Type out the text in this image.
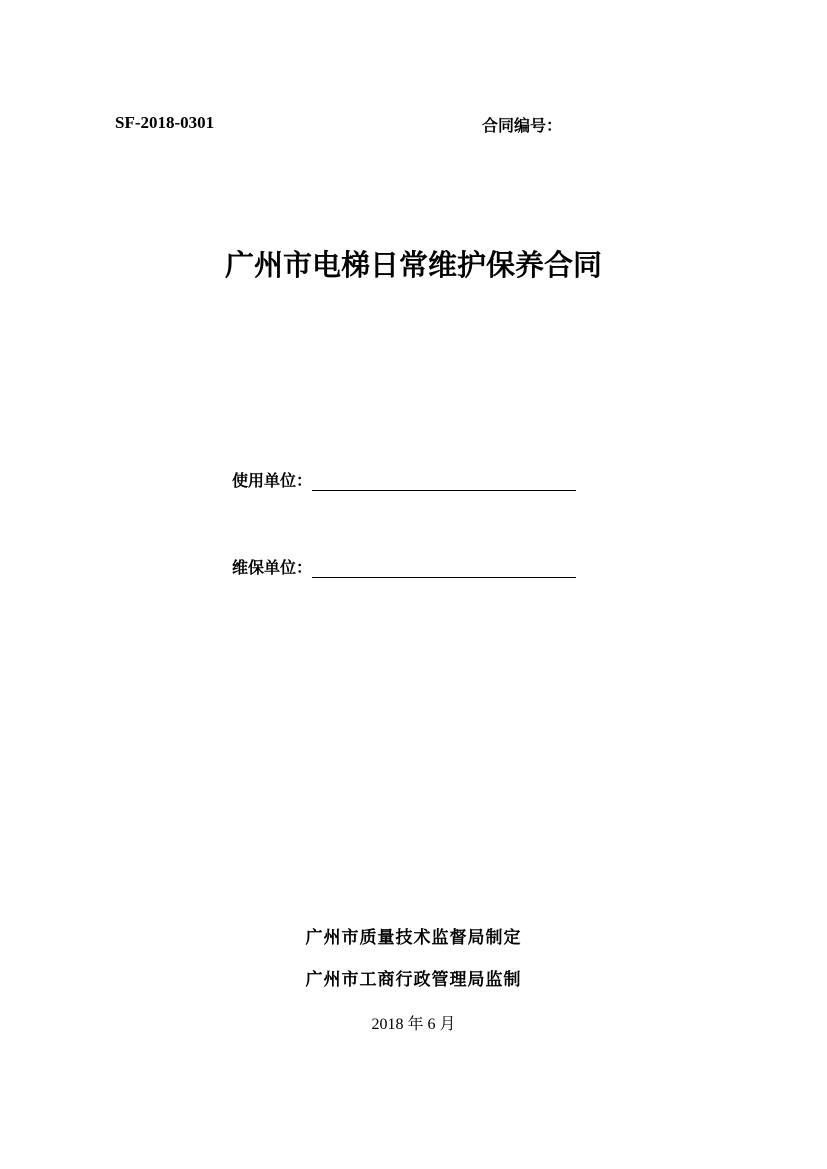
SF-2018-0301	合同编号：
广州市电梯日常维护保养合同
使用单位：
维保单位：
广州市质量技术监督局制定
广州市工商行政管理局监制
2018 年 6 月
